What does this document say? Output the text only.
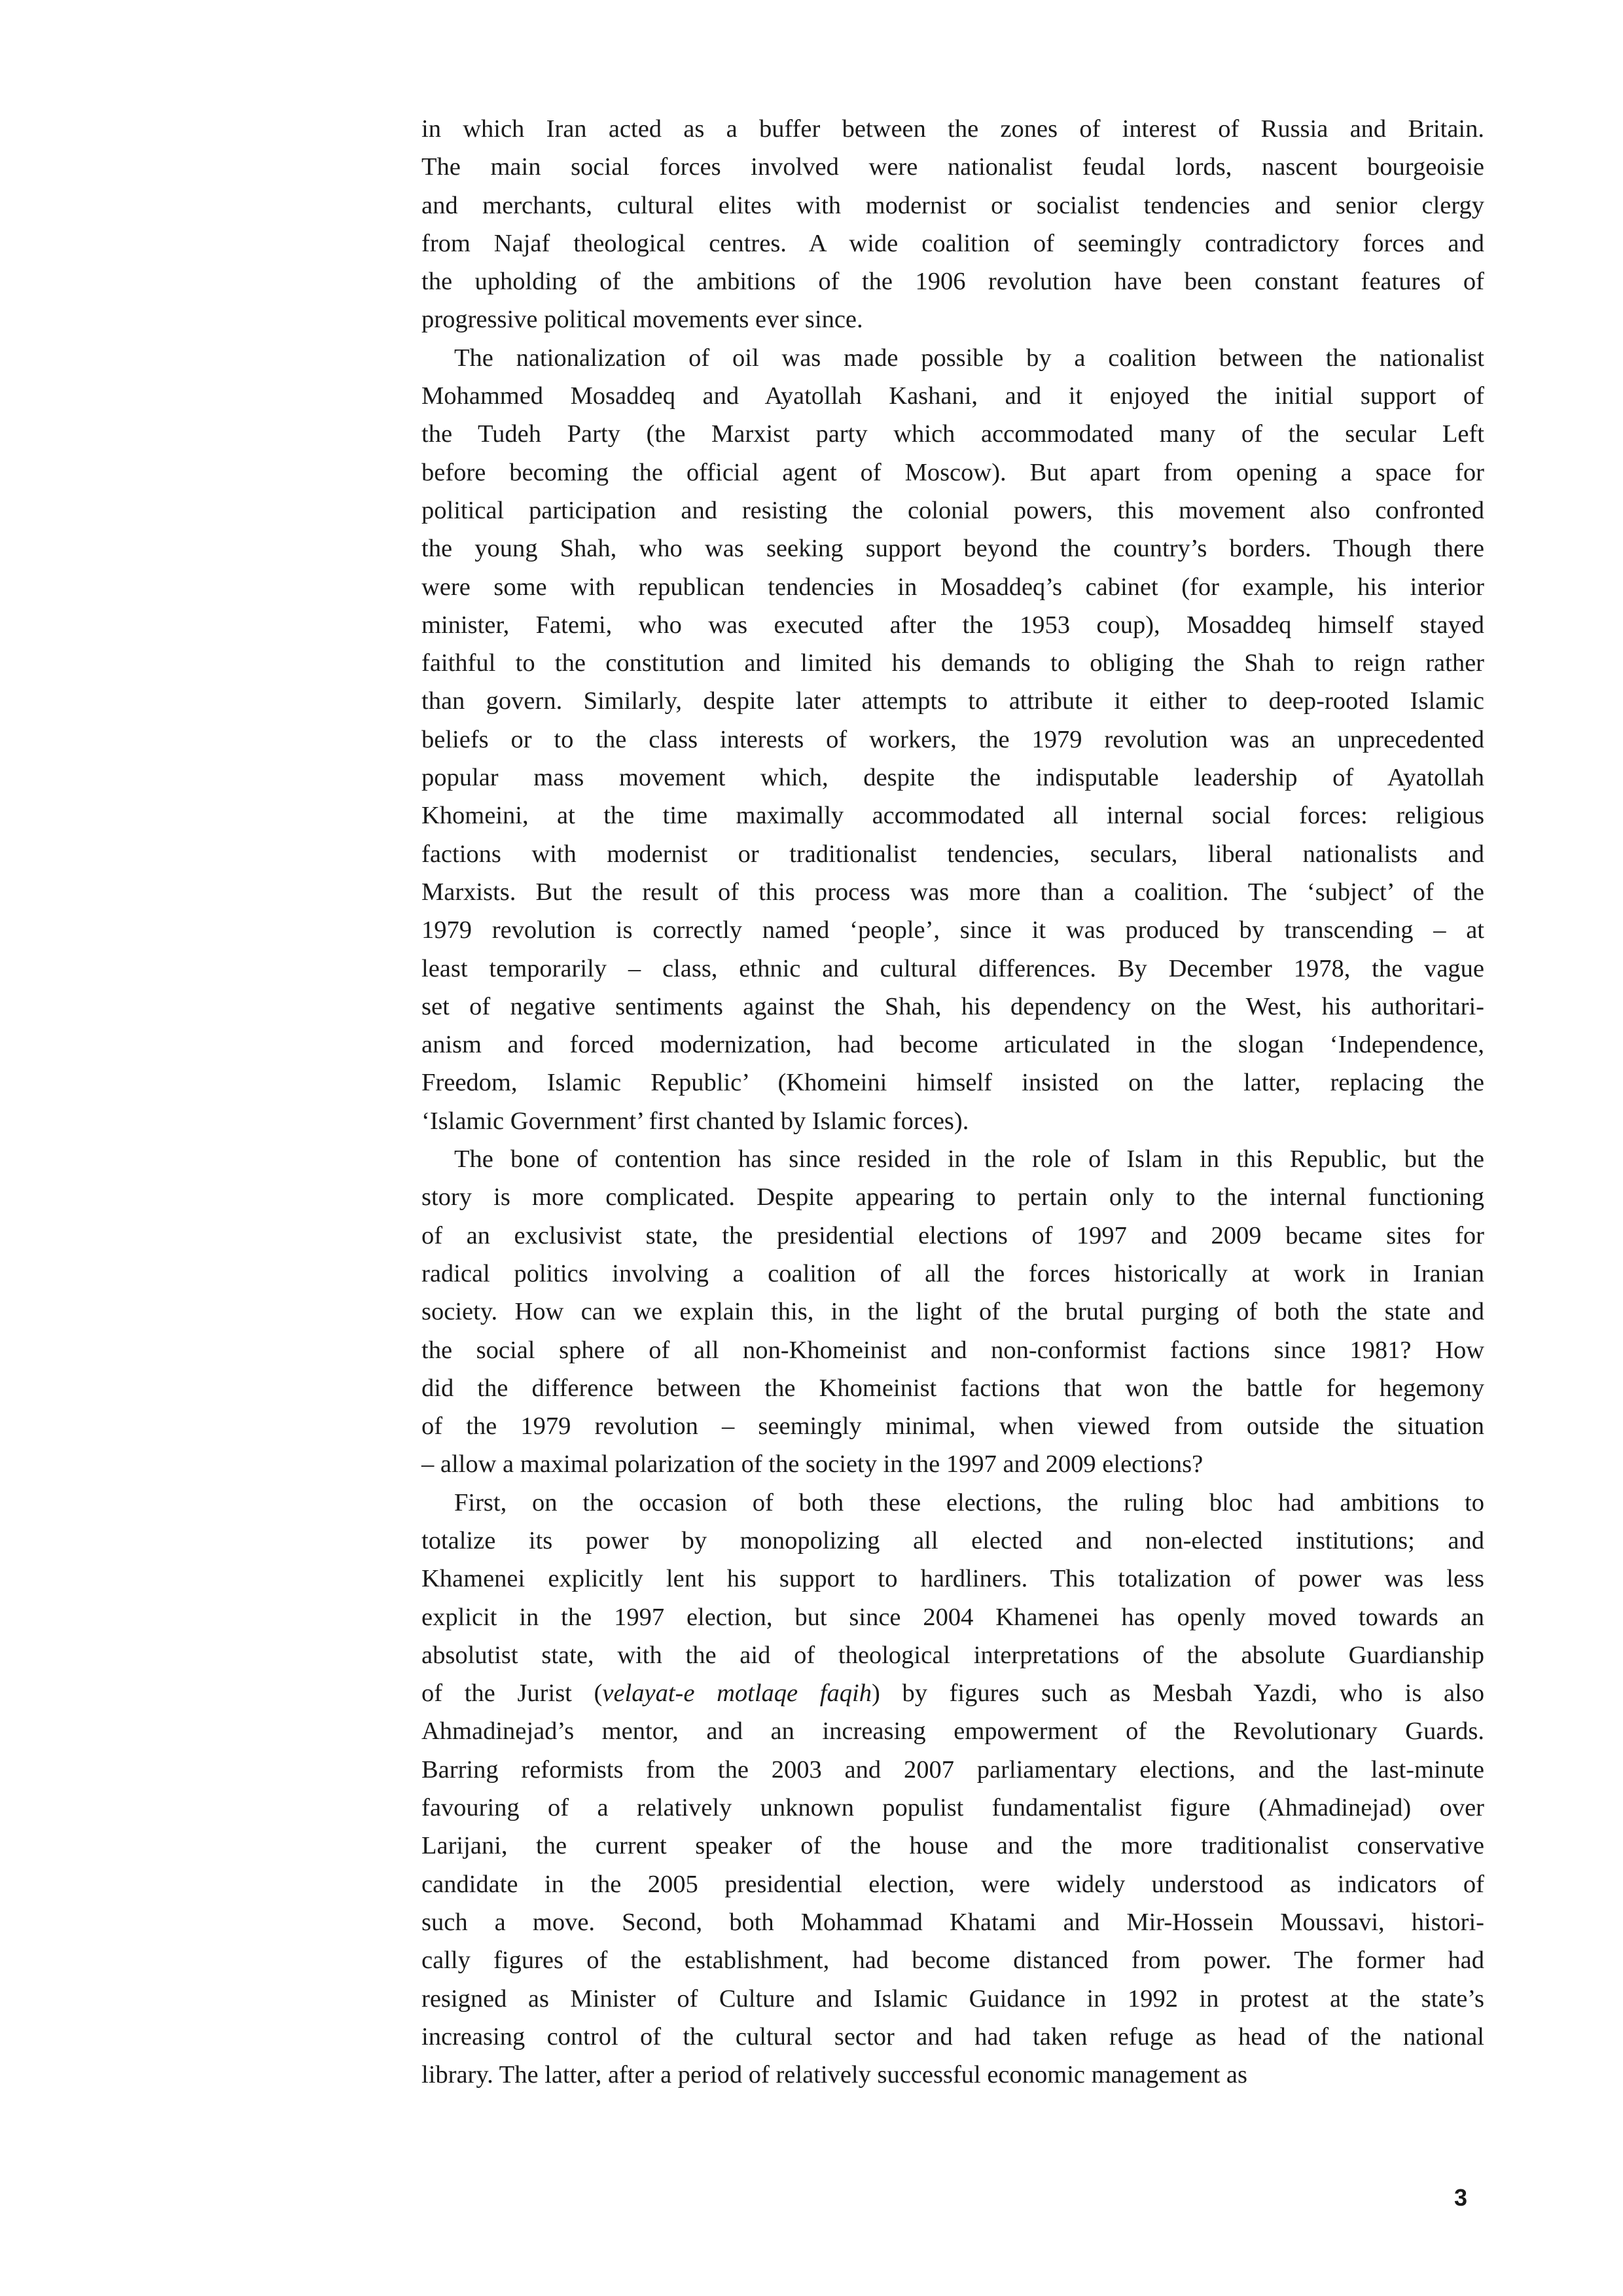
in which Iran acted as a buffer between the zones of interest of Russia and Britain.
The main social forces involved were nationalist feudal lords, nascent bourgeoisie
and merchants, cultural elites with modernist or socialist tendencies and senior clergy
from Najaf theological centres. A wide coalition of seemingly contradictory forces and
the upholding of the ambitions of the 1906 revolution have been constant features of
progressive political movements ever since.
The nationalization of oil was made possible by a coalition between the nationalist
Mohammed Mosaddeq and Ayatollah Kashani, and it enjoyed the initial support of
the Tudeh Party (the Marxist party which accommodated many of the secular Left
before becoming the official agent of Moscow). But apart from opening a space for
political participation and resisting the colonial powers, this movement also confronted
the young Shah, who was seeking support beyond the country’s borders. Though there
were some with republican tendencies in Mosaddeq’s cabinet (for example, his interior
minister, Fatemi, who was executed after the 1953 coup), Mosaddeq himself stayed
faithful to the constitution and limited his demands to obliging the Shah to reign rather
than govern. Similarly, despite later attempts to attribute it either to deep-rooted Islamic
beliefs or to the class interests of workers, the 1979 revolution was an unprecedented
popular mass movement which, despite the indisputable leadership of Ayatollah
Khomeini, at the time maximally accommodated all internal social forces: religious
factions with modernist or traditionalist tendencies, seculars, liberal nationalists and
Marxists. But the result of this process was more than a coalition. The ‘subject’ of the
1979 revolution is correctly named ‘people’, since it was produced by transcending – at
least temporarily – class, ethnic and cultural differences. By December 1978, the vague
set of negative sentiments against the Shah, his dependency on the West, his authoritari-
anism and forced modernization, had become articulated in the slogan ‘Independence,
Freedom, Islamic Republic’ (Khomeini himself insisted on the latter, replacing the
‘Islamic Government’ first chanted by Islamic forces).
The bone of contention has since resided in the role of Islam in this Republic, but the
story is more complicated. Despite appearing to pertain only to the internal functioning
of an exclusivist state, the presidential elections of 1997 and 2009 became sites for
radical politics involving a coalition of all the forces historically at work in Iranian
society. How can we explain this, in the light of the brutal purging of both the state and
the social sphere of all non-Khomeinist and non-conformist factions since 1981? How
did the difference between the Khomeinist factions that won the battle for hegemony
of the 1979 revolution – seemingly minimal, when viewed from outside the situation
– allow a maximal polarization of the society in the 1997 and 2009 elections?
First, on the occasion of both these elections, the ruling bloc had ambitions to
totalize its power by monopolizing all elected and non-elected institutions; and
Khamenei explicitly lent his support to hardliners. This totalization of power was less
explicit in the 1997 election, but since 2004 Khamenei has openly moved towards an
absolutist state, with the aid of theological interpretations of the absolute Guardianship
of the Jurist (velayat-e motlaqe faqih) by figures such as Mesbah Yazdi, who is also
Ahmadinejad’s mentor, and an increasing empowerment of the Revolutionary Guards.
Barring reformists from the 2003 and 2007 parliamentary elections, and the last-minute
favouring of a relatively unknown populist fundamentalist figure (Ahmadinejad) over
Larijani, the current speaker of the house and the more traditionalist conservative
candidate in the 2005 presidential election, were widely understood as indicators of
such a move. Second, both Mohammad Khatami and Mir-Hossein Moussavi, histori-
cally figures of the establishment, had become distanced from power. The former had
resigned as Minister of Culture and Islamic Guidance in 1992 in protest at the state’s
increasing control of the cultural sector and had taken refuge as head of the national
library. The latter, after a period of relatively successful economic management as
3
